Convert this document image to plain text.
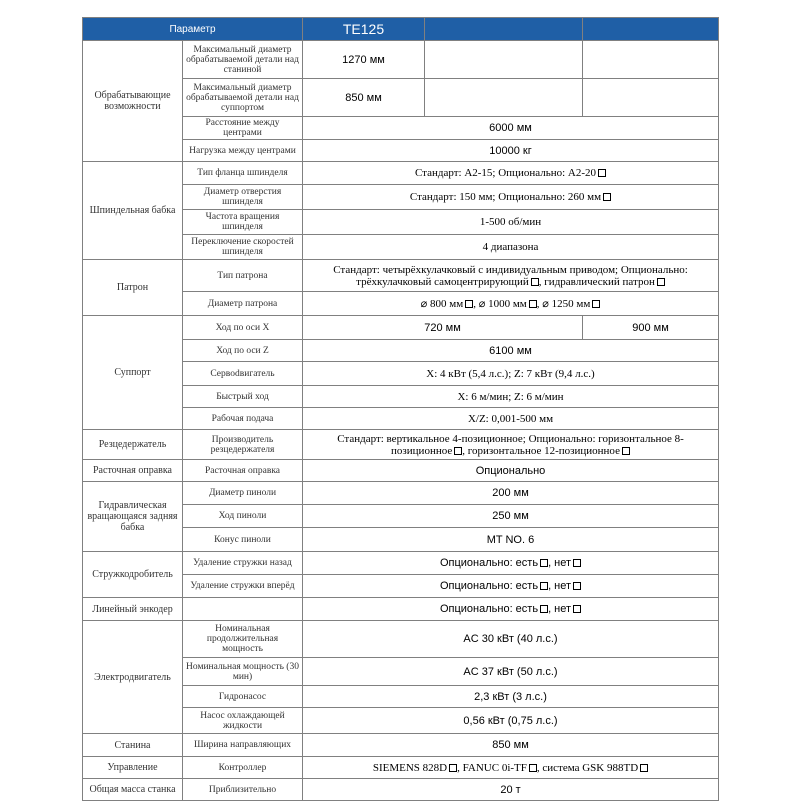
Параметр		TE125		
Обрабатывающие возможности	Максимальный диаметр обрабатываемой детали над станиной	1270 мм		
	Максимальный диаметр обрабатываемой детали над суппортом	850 мм		
	Расстояние между центрами	6000 мм		
	Нагрузка между центрами	10000 кг		
Шпиндельная бабка	Тип фланца шпинделя	Стандарт: A2-15; Опционально: A2-20		
	Диаметр отверстия шпинделя	Стандарт: 150 мм; Опционально: 260 мм		
	Частота вращения шпинделя	1-500 об/мин		
	Переключение скоростей шпинделя	4 диапазона		
Патрон	Тип патрона	Стандарт: четырёхкулачковый с индивидуальным приводом; Опционально:
трёхкулачковый самоцентрирующий , гидравлический патрон		
	Диаметр патрона	⌀ 800 мм , ⌀ 1000 мм , ⌀ 1250 мм		
Суппорт	Ход по оси X	720 мм		900 мм
	Ход по оси Z	6100 мм		
	Сервodвигатель	X: 4 кВт (5,4 л.с.); Z: 7 кВт (9,4 л.с.)		
	Быстрый ход	X: 6 м/мин; Z: 6 м/мин		
	Рабочая подача	X/Z: 0,001-500 мм		
Резцедержатель	Производитель резцедержателя	Стандарт: вертикальное 4-позиционное; Опционально: горизонтальное 8-
позиционное , горизонтальное 12-позиционное		
Расточная оправка	Расточная оправка	Опционально		
Гидравлическая вращающаяся задняя бабка	Диаметр пиноли	200 мм		
	Ход пиноли	250 мм		
	Конус пиноли	MT NO. 6		
Стружкодробитель	Удаление стружки назад	Опционально: есть , нет		
	Удаление стружки вперёд	Опционально: есть , нет		
Линейный энкодер		Опционально: есть , нет		
Электродвигатель	Номинальная продолжительная мощность	AC 30 кВт (40 л.с.)		
	Номинальная мощность (30 мин)	AC 37 кВт (50 л.с.)		
	Гидронасос	2,3 кВт (3 л.с.)		
	Насос охлаждающей жидкости	0,56 кВт (0,75 л.с.)		
Станина	Ширина направляющих	850 мм		
Управление	Контроллер	SIEMENS 828D , FANUC 0i-TF , система GSK 988TD		
Общая масса станка	Приблизительно	20 т		
